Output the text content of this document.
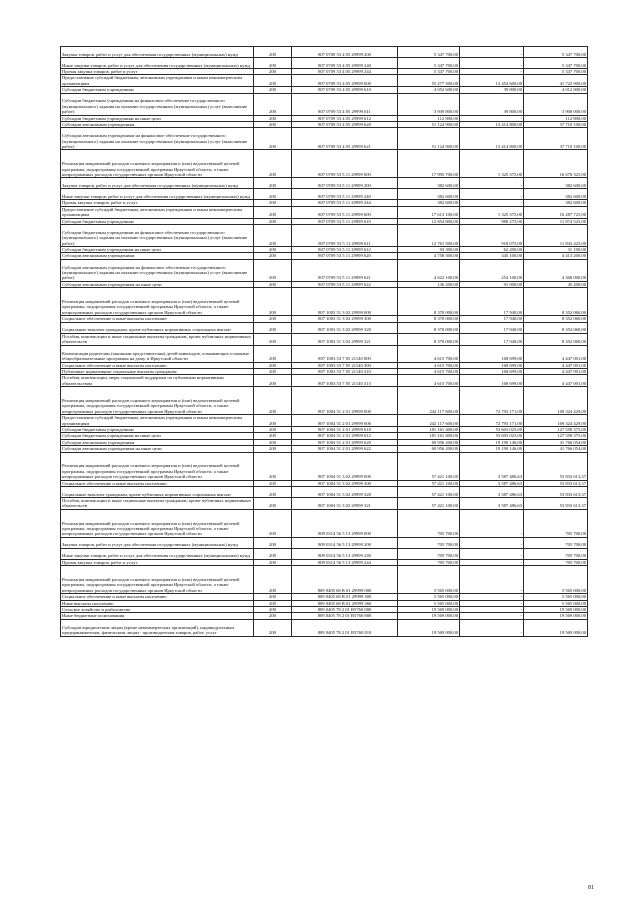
Закупка товаров, работ и услуг для обеспечения государственных (муниципальных) нужд	200	807 0709 53 4 05 29999 200	5 347 700,00	-	5 347 700,00
Иные закупки товаров, работ и услуг для обеспечения государственных (муниципальных) нужд	200	807 0709 53 4 05 29999 240	5 347 700,00	-	5 347 700,00
Прочая закупка товаров, работ и услуг	200	807 0709 53 4 05 29999 244	5 347 700,00	-	5 347 700,00
Предоставление субсидий бюджетным, автономным учреждениям и иным некоммерческим организациям	200	807 0709 53 4 05 29999 600	55 277 500,00	13 454 600,00	41 722 900,00
Субсидии бюджетным учреждениям	200	807 0709 53 4 05 29999 610	4 052 600,00	39 800,00	4 012 800,00
Субсидии бюджетным учреждениям на финансовое обеспечение государственного (муниципального) задания на оказание государственных (муниципальных) услуг (выполнение работ)	200	807 0709 53 4 05 29999 611	3 939 800,00	39 800,00	3 900 000,00
Субсидии бюджетным учреждениям на иные цели	200	807 0709 53 4 05 29999 612	112 800,00	-	112 800,00
Субсидии автономным учреждениям	200	807 0709 53 4 05 29999 620	51 124 900,00	13 414 800,00	37 710 100,00
Субсидии автономным учреждениям на финансовое обеспечение государственного (муниципального) задания на оказание государственных (муниципальных) услуг (выполнение работ)	200	807 0709 53 4 05 29999 621	51 124 900,00	13 414 800,00	37 710 100,00
Реализация направлений расходов основного мероприятия и (или) ведомственной целевой программы, подпрограммы государственной программы Иркутской области, а также непрограммных расходов государственных органов Иркутской области	200	807 0709 53 5 11 29999 000	17 995 700,00	1 325 375,00	16 670 325,00
Закупка товаров, работ и услуг для обеспечения государственных (муниципальных) нужд	200	807 0709 53 5 11 29999 200	382 600,00	-	382 600,00
Иные закупки товаров, работ и услуг для обеспечения государственных (муниципальных) нужд	200	807 0709 53 5 11 29999 240	382 600,00	-	382 600,00
Прочая закупка товаров, работ и услуг	200	807 0709 53 5 11 29999 244	382 600,00	-	382 600,00
Предоставление субсидий бюджетным, автономным учреждениям и иным некоммерческим организациям	200	807 0709 53 5 11 29999 600	17 613 100,00	1 325 375,00	16 287 725,00
Субсидии бюджетным учреждениям	200	807 0709 53 5 11 29999 610	12 854 800,00	980 275,00	11 874 525,00
Субсидии бюджетным учреждениям на финансовое обеспечение государственного (муниципального) задания на оказание государственных (муниципальных) услуг (выполнение работ)	200	807 0709 53 5 11 29999 611	12 761 500,00	918 075,00	11 843 425,00
Субсидии бюджетным учреждениям на иные цели	200	807 0709 53 5 11 29999 612	93 300,00	62 200,00	31 100,00
Субсидии автономным учреждениям	200	807 0709 53 5 11 29999 620	4 758 300,00	345 100,00	4 413 200,00
Субсидии автономным учреждениям на финансовое обеспечение государственного (муниципального) задания на оказание государственных (муниципальных) услуг (выполнение работ)	200	807 0709 53 5 11 29999 621	4 622 100,00	254 100,00	4 368 000,00
Субсидии автономным учреждениям на иные цели	200	807 0709 53 5 11 29999 622	136 200,00	91 000,00	45 200,00
Реализация направлений расходов основного мероприятия и (или) ведомственной целевой программы, подпрограммы государственной программы Иркутской области, а также непрограммных расходов государственных органов Иркутской области	200	807 1003 51 3 02 29999 000	8 370 000,00	17 940,00	8 352 060,00
Социальное обеспечение и иные выплаты населению	200	807 1003 51 3 02 29999 300	8 370 000,00	17 940,00	8 352 060,00
Социальные выплаты гражданам, кроме публичных нормативных социальных выплат	200	807 1003 51 3 02 29999 320	8 370 000,00	17 940,00	8 352 060,00
Пособия, компенсации и иные социальные выплаты гражданам, кроме публичных нормативных обязательств	200	807 1003 51 3 02 29999 321	8 370 000,00	17 940,00	8 352 060,00
Компенсация родителям (законным представителям) детей-инвалидов, осваивающих основные общеобразовательные программы на дому, в Иркутской области	200	807 1003 53 7 05 21140 000	4 615 700,00	168 699,00	4 447 001,00
Социальное обеспечение и иные выплаты населению	200	807 1003 53 7 05 21140 300	4 615 700,00	168 699,00	4 447 001,00
Публичные нормативные социальные выплаты гражданам	200	807 1003 53 7 05 21140 310	4 615 700,00	168 699,00	4 447 001,00
Пособия, компенсации, меры социальной поддержки по публичным нормативным обязательствам	200	807 1003 53 7 05 21140 313	4 615 700,00	168 699,00	4 447 001,00
Реализация направлений расходов основного мероприятия и (или) ведомственной целевой программы, подпрограммы государственной программы Иркутской области, а также непрограммных расходов государственных органов Иркутской области	200	807 1004 51 2 01 29999 000	242 117 600,00	72 793 171,00	169 324 429,00
Предоставление субсидий бюджетным, автономным учреждениям и иным некоммерческим организациям	200	807 1004 51 2 01 29999 600	242 117 600,00	72 793 171,00	169 324 429,00
Субсидии бюджетным учреждениям	200	807 1004 51 2 01 29999 610	181 161 400,00	53 603 025,00	127 558 375,00
Субсидии бюджетным учреждениям на иные цели	200	807 1004 51 2 01 29999 612	181 161 400,00	53 603 025,00	127 558 375,00
Субсидии автономным учреждениям	200	807 1004 51 2 01 29999 620	60 956 200,00	19 190 146,00	41 766 054,00
Субсидии автономным учреждениям на иные цели	200	807 1004 51 2 01 29999 622	60 956 200,00	19 190 146,00	41 766 054,00
Реализация направлений расходов основного мероприятия и (или) ведомственной целевой программы, подпрограммы государственной программы Иркутской области, а также непрограммных расходов государственных органов Иркутской области	200	807 1004 51 3 02 29999 000	57 421 100,00	3 587 486,63	53 833 613,37
Социальное обеспечение и иные выплаты населению	200	807 1004 51 3 02 29999 300	57 421 100,00	3 587 486,63	53 833 613,37
Социальные выплаты гражданам, кроме публичных нормативных социальных выплат	200	807 1004 51 3 02 29999 320	57 421 100,00	3 587 486,63	53 833 613,37
Пособия, компенсации и иные социальные выплаты гражданам, кроме публичных нормативных обязательств	200	807 1004 51 3 02 29999 321	57 421 100,00	3 587 486,63	53 833 613,37
Реализация направлений расходов основного мероприятия и (или) ведомственной целевой программы, подпрограммы государственной программы Иркутской области, а также непрограммных расходов государственных органов Иркутской области	200	809 0314 56 5 13 29999 000	705 700,00	-	705 700,00
Закупка товаров, работ и услуг для обеспечения государственных (муниципальных) нужд	200	809 0314 56 5 13 29999 200	705 700,00	-	705 700,00
Иные закупки товаров, работ и услуг для обеспечения государственных (муниципальных) нужд	200	809 0314 56 5 13 29999 240	705 700,00	-	705 700,00
Прочая закупка товаров, работ и услуг	200	809 0314 56 5 13 29999 244	705 700,00	-	705 700,00
Реализация направлений расходов основного мероприятия и (или) ведомственной целевой программы, подпрограммы государственной программы Иркутской области, а также непрограммных расходов государственных органов Иркутской области	200	809 0405 68 В 01 29999 000	5 565 000,00	-	5 565 000,00
Социальное обеспечение и иные выплаты населению	200	809 0405 68 В 01 29999 300	5 565 000,00	-	5 565 000,00
Иные выплаты населению	200	809 0405 68 В 01 29999 360	5 565 000,00	-	5 565 000,00
Сельское хозяйство и рыболовство	200	809 0405 78 2 01 R5760 000	19 569 000,00	-	19 569 000,00
Иные бюджетные ассигнования	200	809 0405 78 2 01 R5760 800	19 569 000,00	-	19 569 000,00
Субсидии юридическим лицам (кроме некоммерческих организаций), индивидуальным предпринимателям, физическим лицам - производителям товаров, работ, услуг	200	809 0405 78 2 01 R5760 810	19 569 000,00	-	19 569 000,00
81
